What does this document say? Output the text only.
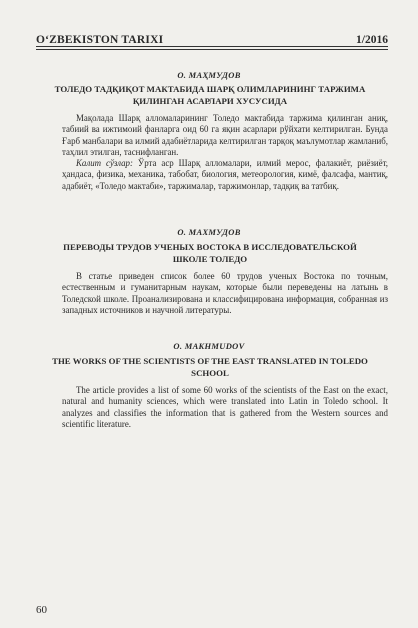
O‘ZBEKISTON TARIXI	1/2016
О. МАҲМУДОВ
ТОЛЕДО ТАДҚИҚОТ МАКТАБИДА ШАРҚ ОЛИМЛАРИНИНГ ТАРЖИМА ҚИЛИНГАН АСАРЛАРИ ХУСУСИДА
Мақолада Шарқ алломаларининг Толедо мактабида таржима қилинган аниқ, табиий ва ижтимоий фанларга оид 60 га яқин асарлари рўйхати келтирилган. Бунда Ғарб манбалари ва илмий адабиётларида келтирилган тарқоқ маълумотлар жамланиб, таҳлил этилган, таснифланган.
Калит сўзлар: Ўрта аср Шарқ алломалари, илмий мерос, фалакиёт, риёзиёт, ҳандаса, физика, механика, табобат, биология, метеорология, кимё, фалсафа, мантиқ, адабиёт, «Толедо мактаби», таржималар, таржимонлар, тадқиқ ва татбиқ.
О. МАХМУДОВ
ПЕРЕВОДЫ ТРУДОВ УЧЕНЫХ ВОСТОКА В ИССЛЕДОВАТЕЛЬСКОЙ ШКОЛЕ ТОЛЕДО
В статье приведен список более 60 трудов ученых Востока по точным, естественным и гуманитарным наукам, которые были переведены на латынь в Толедской школе. Проанализирована и классифицирована информация, собранная из западных источников и научной литературы.
O. MAKHMUDOV
THE WORKS OF THE SCIENTISTS OF THE EAST TRANSLATED IN TOLEDO SCHOOL
The article provides a list of some 60 works of the scientists of the East on the exact, natural and humanity sciences, which were translated into Latin in Toledo school. It analyzes and classifies the information that is gathered from the Western sources and scientific literature.
60
